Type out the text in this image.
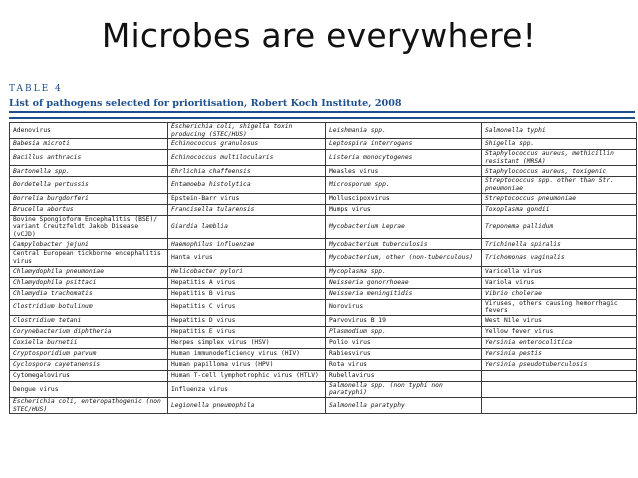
Microbes are everywhere!
TABLE 4
List of pathogens selected for prioritisation, Robert Koch Institute, 2008
Adenovirus	Escherichia coli, shigella toxin producing (STEC/HUS)	Leishmania spp.	Salmonella typhi
Babesia microti	Echinococcus granulosus	Leptospira interrogans	Shigella spp.
Bacillus anthracis	Echinococcus multilocularis	Listeria monocytogenes	Staphylococcus aureus, methicillin resistant (MRSA)
Bartonella spp.	Ehrlichia chaffeensis	Measles virus	Staphylococcus aureus, toxigenic
Bordetella pertussis	Entamoeba histolytica	Microsporum spp.	Streptococcus spp. other than Str. pneumoniae
Borrelia burgdorferi	Epstein-Barr virus	Molluscipoxvirus	Streptococcus pneumoniae
Brucella abortus	Francisella tularensis	Mumps virus	Toxoplasma gondii
Bovine Spongioform Encephalitis (BSE)/ variant Creutzfeldt Jakob Disease (vCJD)	Giardia lamblia	Mycobacterium Leprae	Treponema pallidum
Campylobacter jejuni	Haemophilus influenzae	Mycobacterium tuberculosis	Trichinella spiralis
Central European tickborne encephalitis virus	Hanta virus	Mycobacterium, other (non-tuberculous)	Trichomonas vaginalis
Chlamydophila pneumoniae	Helicobacter pylori	Mycoplasma spp.	Varicella virus
Chlamydophila psittaci	Hepatitis A virus	Neisseria gonorrhoeae	Variola virus
Chlamydia trachomatis	Hepatitis B virus	Neisseria meningitidis	Vibrio cholerae
Clostridium botulinum	Hepatitis C virus	Norovirus	Viruses, others causing hemorrhagic fevers
Clostridium tetani	Hepatitis D virus	Parvovirus B 19	West Nile virus
Corynebacterium diphtheria	Hepatitis E virus	Plasmodium spp.	Yellow fever virus
Coxiella burnetii	Herpes simplex virus (HSV)	Polio virus	Yersinia enterocolitica
Cryptosporidium parvum	Human immunodeficiency virus (HIV)	Rabiesvirus	Yersinia pestis
Cyclospora cayetanensis	Human papilloma virus (HPV)	Rota virus	Yersinia pseudotuberculosis
Cytomegalovirus	Human T-cell lymphotrophic virus (HTLV)	Rubellavirus	
Dengue virus	Influenza virus	Salmonella spp. (non typhi non paratyphi)	
Escherichia coli, enteropathogenic (non STEC/HUS)	Legionella pneumophila	Salmonella paratyphy	
